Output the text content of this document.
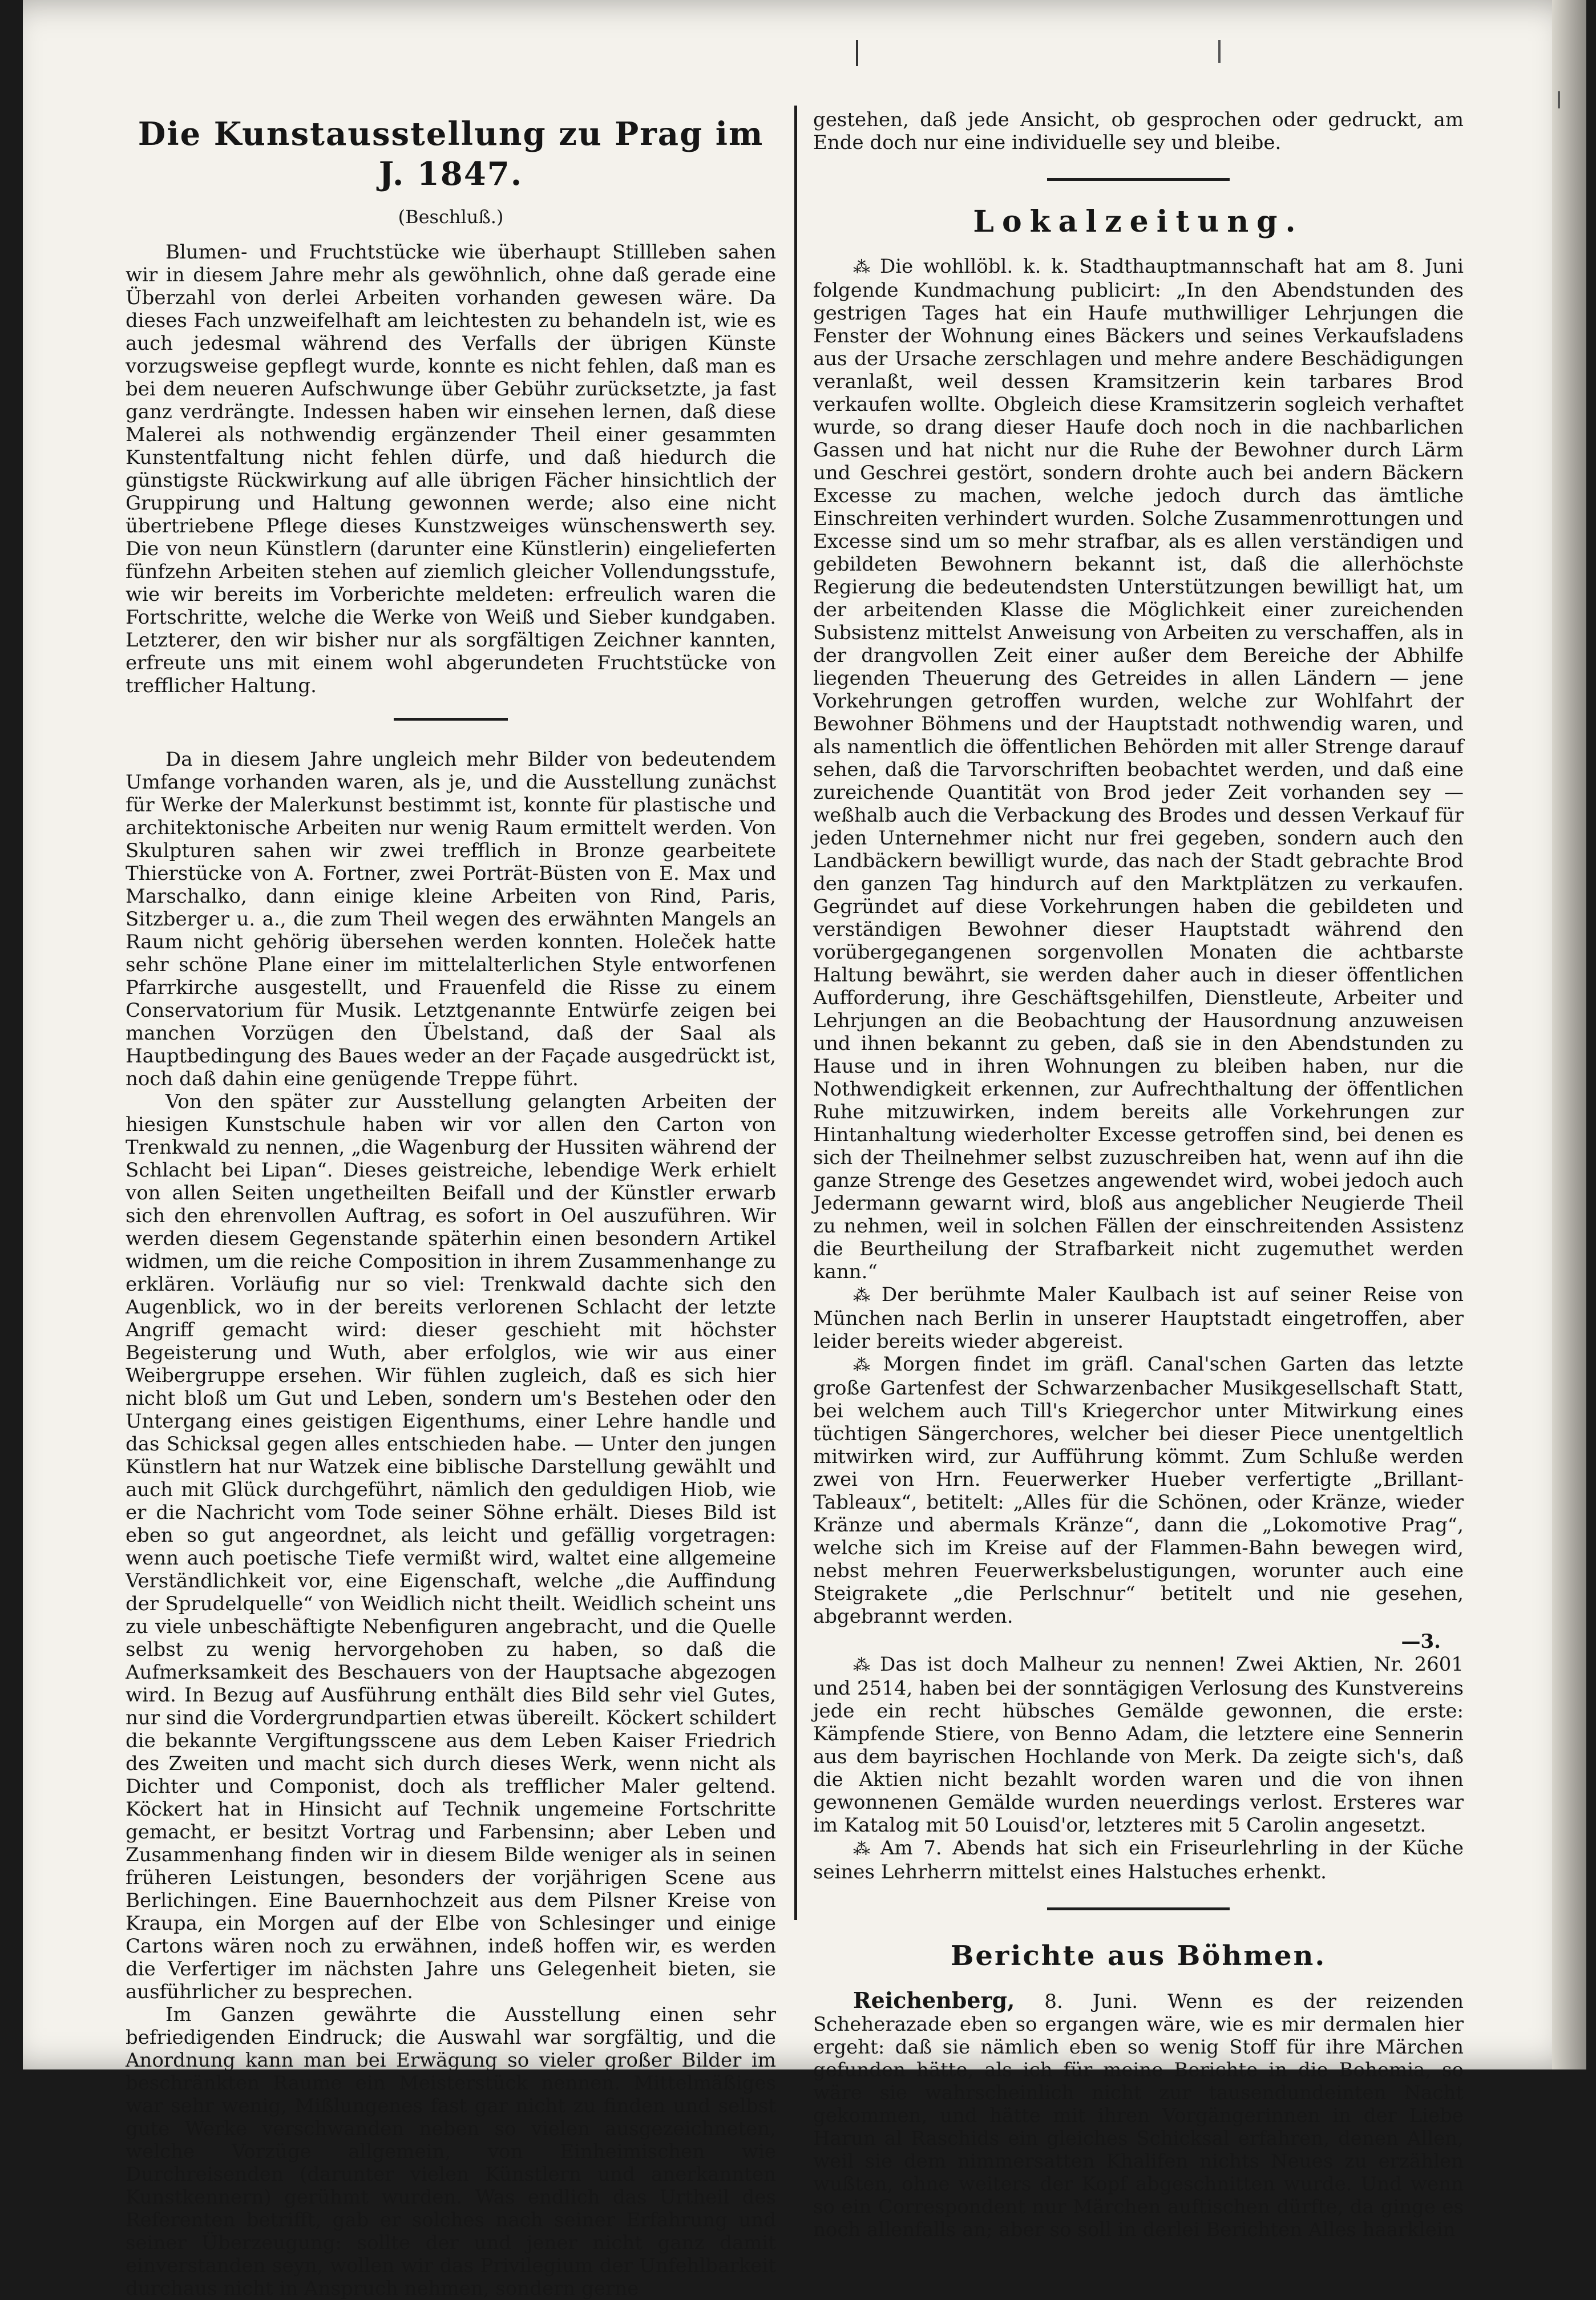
Die Kunstausstellung zu Prag im J. 1847.
(Beschluß.)

Blumen- und Fruchtstücke wie überhaupt Stillleben sahen wir in diesem Jahre mehr als gewöhnlich, ohne daß gerade eine Überzahl von derlei Arbeiten vorhanden gewesen wäre. Da dieses Fach unzweifelhaft am leichtesten zu behandeln ist, wie es auch jedesmal während des Verfalls der übrigen Künste vorzugsweise gepflegt wurde, konnte es nicht fehlen, daß man es bei dem neueren Aufschwunge über Gebühr zurücksetzte, ja fast ganz verdrängte. Indessen haben wir einsehen lernen, daß diese Malerei als nothwendig ergänzender Theil einer gesammten Kunstentfaltung nicht fehlen dürfe, und daß hiedurch die günstigste Rückwirkung auf alle übrigen Fächer hinsichtlich der Gruppirung und Haltung gewonnen werde; also eine nicht übertriebene Pflege dieses Kunstzweiges wünschenswerth sey. Die von neun Künstlern (darunter eine Künstlerin) eingelieferten fünfzehn Arbeiten stehen auf ziemlich gleicher Vollendungsstufe, wie wir bereits im Vorberichte meldeten: erfreulich waren die Fortschritte, welche die Werke von Weiß und Sieber kundgaben. Letzterer, den wir bisher nur als sorgfältigen Zeichner kannten, erfreute uns mit einem wohl abgerundeten Fruchtstücke von trefflicher Haltung.

Da in diesem Jahre ungleich mehr Bilder von bedeutendem Umfange vorhanden waren, als je, und die Ausstellung zunächst für Werke der Malerkunst bestimmt ist, konnte für plastische und architektonische Arbeiten nur wenig Raum ermittelt werden. Von Skulpturen sahen wir zwei trefflich in Bronze gearbeitete Thierstücke von A. Fortner, zwei Porträt-Büsten von E. Max und Marschalko, dann einige kleine Arbeiten von Rind, Paris, Sitzberger u. a., die zum Theil wegen des erwähnten Mangels an Raum nicht gehörig übersehen werden konnten. Holeček hatte sehr schöne Plane einer im mittelalterlichen Style entworfenen Pfarrkirche ausgestellt, und Frauenfeld die Risse zu einem Conservatorium für Musik. Letztgenannte Entwürfe zeigen bei manchen Vorzügen den Übelstand, daß der Saal als Hauptbedingung des Baues weder an der Façade ausgedrückt ist, noch daß dahin eine genügende Treppe führt.

Von den später zur Ausstellung gelangten Arbeiten der hiesigen Kunstschule haben wir vor allen den Carton von Trenkwald zu nennen, „die Wagenburg der Hussiten während der Schlacht bei Lipan“. Dieses geistreiche, lebendige Werk erhielt von allen Seiten ungetheilten Beifall und der Künstler erwarb sich den ehrenvollen Auftrag, es sofort in Oel auszuführen. Wir werden diesem Gegenstande späterhin einen besondern Artikel widmen, um die reiche Composition in ihrem Zusammenhange zu erklären. Vorläufig nur so viel: Trenkwald dachte sich den Augenblick, wo in der bereits verlorenen Schlacht der letzte Angriff gemacht wird: dieser geschieht mit höchster Begeisterung und Wuth, aber erfolglos, wie wir aus einer Weibergruppe ersehen. Wir fühlen zugleich, daß es sich hier nicht bloß um Gut und Leben, sondern um's Bestehen oder den Untergang eines geistigen Eigenthums, einer Lehre handle und das Schicksal gegen alles entschieden habe. — Unter den jungen Künstlern hat nur Watzek eine biblische Darstellung gewählt und auch mit Glück durchgeführt, nämlich den geduldigen Hiob, wie er die Nachricht vom Tode seiner Söhne erhält. Dieses Bild ist eben so gut angeordnet, als leicht und gefällig vorgetragen: wenn auch poetische Tiefe vermißt wird, waltet eine allgemeine Verständlichkeit vor, eine Eigenschaft, welche „die Auffindung der Sprudelquelle“ von Weidlich nicht theilt. Weidlich scheint uns zu viele unbeschäftigte Nebenfiguren angebracht, und die Quelle selbst zu wenig hervorgehoben zu haben, so daß die Aufmerksamkeit des Beschauers von der Hauptsache abgezogen wird. In Bezug auf Ausführung enthält dies Bild sehr viel Gutes, nur sind die Vordergrundpartien etwas übereilt. Köckert schildert die bekannte Vergiftungsscene aus dem Leben Kaiser Friedrich des Zweiten und macht sich durch dieses Werk, wenn nicht als Dichter und Componist, doch als trefflicher Maler geltend. Köckert hat in Hinsicht auf Technik ungemeine Fortschritte gemacht, er besitzt Vortrag und Farbensinn; aber Leben und Zusammenhang finden wir in diesem Bilde weniger als in seinen früheren Leistungen, besonders der vorjährigen Scene aus Berlichingen. Eine Bauernhochzeit aus dem Pilsner Kreise von Kraupa, ein Morgen auf der Elbe von Schlesinger und einige Cartons wären noch zu erwähnen, indeß hoffen wir, es werden die Verfertiger im nächsten Jahre uns Gelegenheit bieten, sie ausführlicher zu besprechen.

Im Ganzen gewährte die Ausstellung einen sehr befriedigenden Eindruck; die Auswahl war sorgfältig, und die Anordnung kann man bei Erwägung so vieler großer Bilder im beschränkten Raume ein Meisterstück nennen. Mittelmäßiges war sehr wenig, Mißlungenes fast gar nicht zu finden und selbst gute Werke verschwanden neben so vielen ausgezeichneten, welche Vorzüge allgemein, von Einheimischen wie Durchreisenden (darunter vielen Künstlern und anerkannten Kunstkennern) gerühmt wurden. Was endlich das Urtheil des Referenten betrifft, gab er solches nach seiner Erfahrung und seiner Überzeugung: sollte der und jener nicht ganz damit einverstanden seyn, wollen wir das Privilegium der Unfehlbarkeit durchaus nicht in Anspruch nehmen, sondern gerne

gestehen, daß jede Ansicht, ob gesprochen oder gedruckt, am Ende doch nur eine individuelle sey und bleibe.

Lokalzeitung.

⁂ Die wohllöbl. k. k. Stadthauptmannschaft hat am 8. Juni folgende Kundmachung publicirt: „In den Abendstunden des gestrigen Tages hat ein Haufe muthwilliger Lehrjungen die Fenster der Wohnung eines Bäckers und seines Verkaufsladens aus der Ursache zerschlagen und mehre andere Beschädigungen veranlaßt, weil dessen Kramsitzerin kein tarbares Brod verkaufen wollte. Obgleich diese Kramsitzerin sogleich verhaftet wurde, so drang dieser Haufe doch noch in die nachbarlichen Gassen und hat nicht nur die Ruhe der Bewohner durch Lärm und Geschrei gestört, sondern drohte auch bei andern Bäckern Excesse zu machen, welche jedoch durch das ämtliche Einschreiten verhindert wurden. Solche Zusammenrottungen und Excesse sind um so mehr strafbar, als es allen verständigen und gebildeten Bewohnern bekannt ist, daß die allerhöchste Regierung die bedeutendsten Unterstützungen bewilligt hat, um der arbeitenden Klasse die Möglichkeit einer zureichenden Subsistenz mittelst Anweisung von Arbeiten zu verschaffen, als in der drangvollen Zeit einer außer dem Bereiche der Abhilfe liegenden Theuerung des Getreides in allen Ländern — jene Vorkehrungen getroffen wurden, welche zur Wohlfahrt der Bewohner Böhmens und der Hauptstadt nothwendig waren, und als namentlich die öffentlichen Behörden mit aller Strenge darauf sehen, daß die Tarvorschriften beobachtet werden, und daß eine zureichende Quantität von Brod jeder Zeit vorhanden sey — weßhalb auch die Verbackung des Brodes und dessen Verkauf für jeden Unternehmer nicht nur frei gegeben, sondern auch den Landbäckern bewilligt wurde, das nach der Stadt gebrachte Brod den ganzen Tag hindurch auf den Marktplätzen zu verkaufen. Gegründet auf diese Vorkehrungen haben die gebildeten und verständigen Bewohner dieser Hauptstadt während den vorübergegangenen sorgenvollen Monaten die achtbarste Haltung bewährt, sie werden daher auch in dieser öffentlichen Aufforderung, ihre Geschäftsgehilfen, Dienstleute, Arbeiter und Lehrjungen an die Beobachtung der Hausordnung anzuweisen und ihnen bekannt zu geben, daß sie in den Abendstunden zu Hause und in ihren Wohnungen zu bleiben haben, nur die Nothwendigkeit erkennen, zur Aufrechthaltung der öffentlichen Ruhe mitzuwirken, indem bereits alle Vorkehrungen zur Hintanhaltung wiederholter Excesse getroffen sind, bei denen es sich der Theilnehmer selbst zuzuschreiben hat, wenn auf ihn die ganze Strenge des Gesetzes angewendet wird, wobei jedoch auch Jedermann gewarnt wird, bloß aus angeblicher Neugierde Theil zu nehmen, weil in solchen Fällen der einschreitenden Assistenz die Beurtheilung der Strafbarkeit nicht zugemuthet werden kann.“

⁂ Der berühmte Maler Kaulbach ist auf seiner Reise von München nach Berlin in unserer Hauptstadt eingetroffen, aber leider bereits wieder abgereist.

⁂ Morgen findet im gräfl. Canal'schen Garten das letzte große Gartenfest der Schwarzenbacher Musikgesellschaft Statt, bei welchem auch Till's Kriegerchor unter Mitwirkung eines tüchtigen Sängerchores, welcher bei dieser Piece unentgeltlich mitwirken wird, zur Aufführung kömmt. Zum Schluße werden zwei von Hrn. Feuerwerker Hueber verfertigte „Brillant-Tableaux“, betitelt: „Alles für die Schönen, oder Kränze, wieder Kränze und abermals Kränze“, dann die „Lokomotive Prag“, welche sich im Kreise auf der Flammen-Bahn bewegen wird, nebst mehren Feuerwerksbelustigungen, worunter auch eine Steigrakete „die Perlschnur“ betitelt und nie gesehen, abgebrannt werden.

—3.

⁂ Das ist doch Malheur zu nennen! Zwei Aktien, Nr. 2601 und 2514, haben bei der sonntägigen Verlosung des Kunstvereins jede ein recht hübsches Gemälde gewonnen, die erste: Kämpfende Stiere, von Benno Adam, die letztere eine Sennerin aus dem bayrischen Hochlande von Merk. Da zeigte sich's, daß die Aktien nicht bezahlt worden waren und die von ihnen gewonnenen Gemälde wurden neuerdings verlost. Ersteres war im Katalog mit 50 Louisd'or, letzteres mit 5 Carolin angesetzt.

⁂ Am 7. Abends hat sich ein Friseurlehrling in der Küche seines Lehrherrn mittelst eines Halstuches erhenkt.

Berichte aus Böhmen.

Reichenberg, 8. Juni. Wenn es der reizenden Scheherazade eben so ergangen wäre, wie es mir dermalen hier ergeht: daß sie nämlich eben so wenig Stoff für ihre Märchen gefunden hätte, als ich für meine Berichte in die Bohemia, so wäre sie wahrscheinlich nicht zur tausendundeinten Nacht gekommen, und hätte mit ihren Vorgängerinnen in der Liebe Harun al Raschids ein gleiches Schicksal erfahren, denen Allen, weil sie dem nimmersatten Khalifen nichts Neues zu erzählen wußten, ohne weiters der Kopf abgeschnitten wurde. Und wenn so ein Correspondent nur Märchen auftischen dürfte, da ginge es noch allenfalls an; aber so soll in derlei Berichten Alles haarklein
